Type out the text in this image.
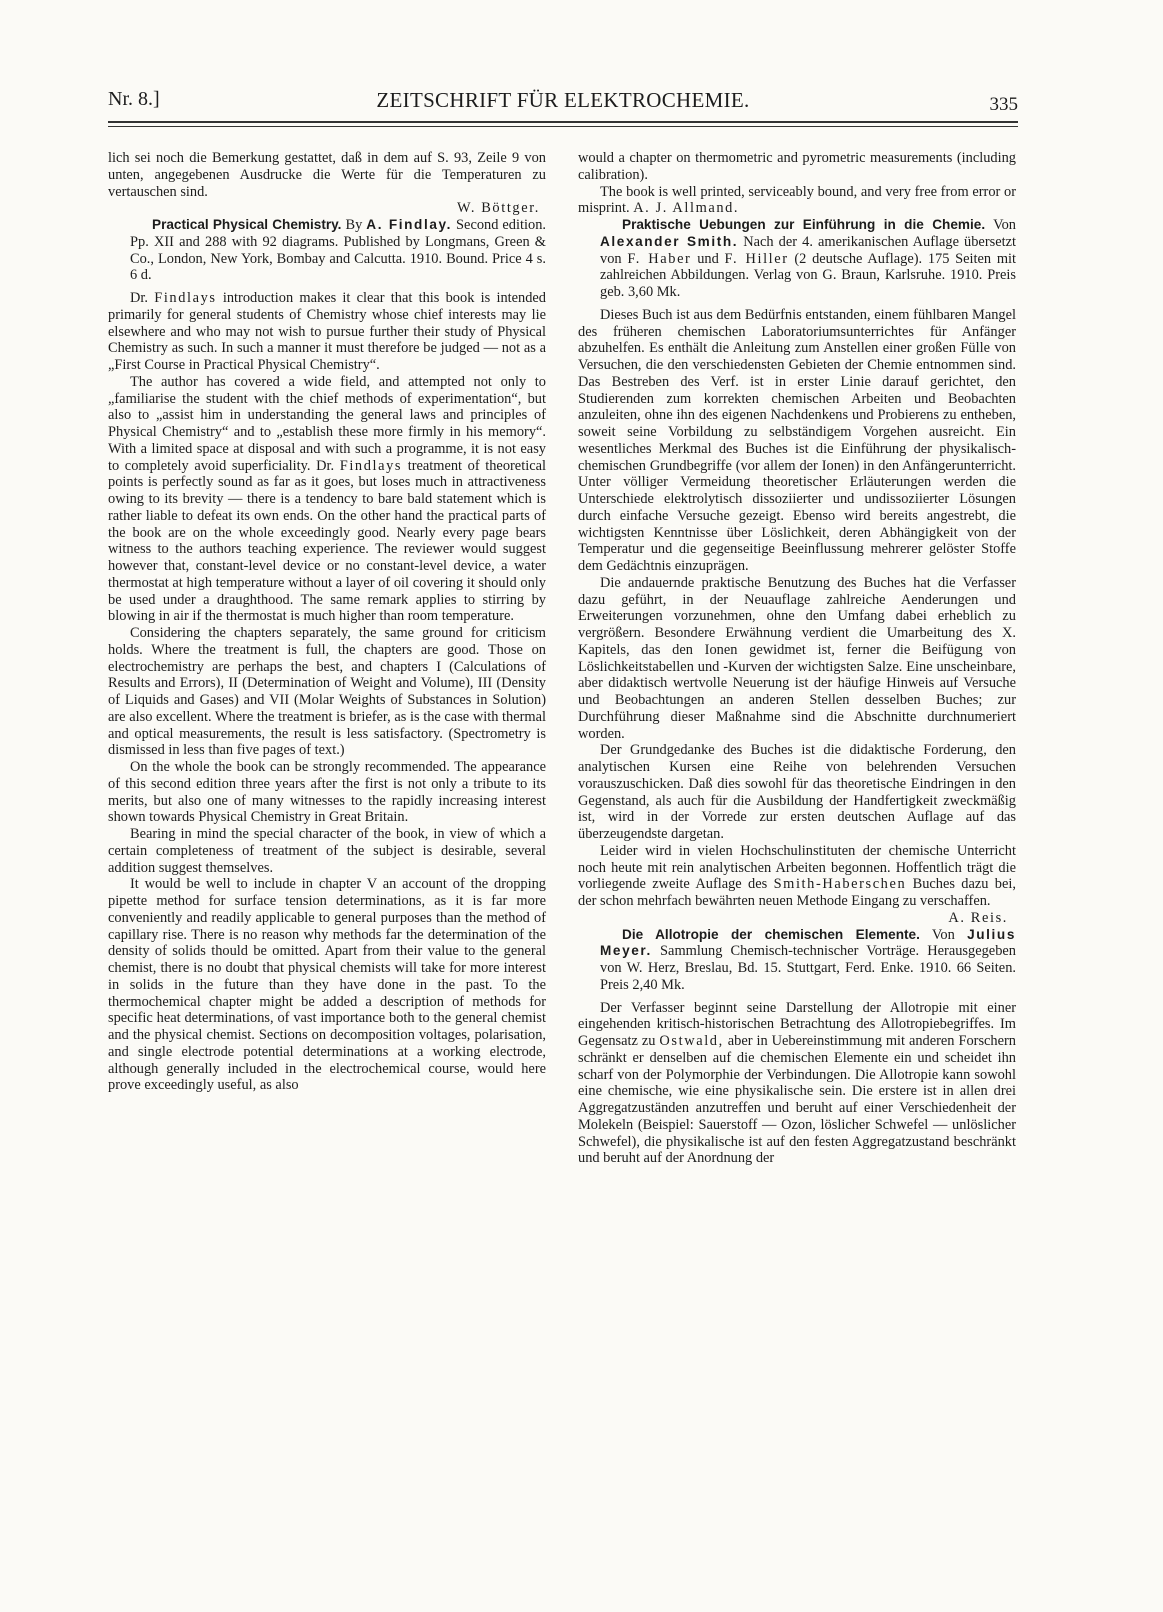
Nr. 8.]	ZEITSCHRIFT FÜR ELEKTROCHEMIE.	335

lich sei noch die Bemerkung gestattet, daß in dem auf S. 93, Zeile 9 von unten, angegebenen Ausdrucke die Werte für die Temperaturen zu vertauschen sind.

W. Böttger.

Practical Physical Chemistry. By A. Findlay. Second edition. Pp. XII and 288 with 92 diagrams. Published by Longmans, Green & Co., London, New York, Bombay and Calcutta. 1910. Bound. Price 4 s. 6 d.

Dr. Findlays introduction makes it clear that this book is intended primarily for general students of Chemistry whose chief interests may lie elsewhere and who may not wish to pursue further their study of Physical Chemistry as such. In such a manner it must therefore be judged — not as a „First Course in Practical Physical Chemistry“.

The author has covered a wide field, and attempted not only to „familiarise the student with the chief methods of experimentation“, but also to „assist him in understanding the general laws and principles of Physical Chemistry“ and to „establish these more firmly in his memory“. With a limited space at disposal and with such a programme, it is not easy to completely avoid superficiality. Dr. Findlays treatment of theoretical points is perfectly sound as far as it goes, but loses much in attractiveness owing to its brevity — there is a tendency to bare bald statement which is rather liable to defeat its own ends. On the other hand the practical parts of the book are on the whole exceedingly good. Nearly every page bears witness to the authors teaching experience. The reviewer would suggest however that, constant-level device or no constant-level device, a water thermostat at high temperature without a layer of oil covering it should only be used under a draughthood. The same remark applies to stirring by blowing in air if the thermostat is much higher than room temperature.

Considering the chapters separately, the same ground for criticism holds. Where the treatment is full, the chapters are good. Those on electrochemistry are perhaps the best, and chapters I (Calculations of Results and Errors), II (Determination of Weight and Volume), III (Density of Liquids and Gases) and VII (Molar Weights of Substances in Solution) are also excellent. Where the treatment is briefer, as is the case with thermal and optical measurements, the result is less satisfactory. (Spectrometry is dismissed in less than five pages of text.)

On the whole the book can be strongly recommended. The appearance of this second edition three years after the first is not only a tribute to its merits, but also one of many witnesses to the rapidly increasing interest shown towards Physical Chemistry in Great Britain.

Bearing in mind the special character of the book, in view of which a certain completeness of treatment of the subject is desirable, several addition suggest themselves.

It would be well to include in chapter V an account of the dropping pipette method for surface tension determinations, as it is far more conveniently and readily applicable to general purposes than the method of capillary rise. There is no reason why methods far the determination of the density of solids thould be omitted. Apart from their value to the general chemist, there is no doubt that physical chemists will take for more interest in solids in the future than they have done in the past. To the thermochemical chapter might be added a description of methods for specific heat determinations, of vast importance both to the general chemist and the physical chemist. Sections on decomposition voltages, polarisation, and single electrode potential determinations at a working electrode, although generally included in the electrochemical course, would here prove exceedingly useful, as also

would a chapter on thermometric and pyrometric measurements (including calibration).

The book is well printed, serviceably bound, and very free from error or misprint. A. J. Allmand.

Praktische Uebungen zur Einführung in die Chemie. Von Alexander Smith. Nach der 4. amerikanischen Auflage übersetzt von F. Haber und F. Hiller (2 deutsche Auflage). 175 Seiten mit zahlreichen Abbildungen. Verlag von G. Braun, Karlsruhe. 1910. Preis geb. 3,60 Mk.

Dieses Buch ist aus dem Bedürfnis entstanden, einem fühlbaren Mangel des früheren chemischen Laboratoriumsunterrichtes für Anfänger abzuhelfen. Es enthält die Anleitung zum Anstellen einer großen Fülle von Versuchen, die den verschiedensten Gebieten der Chemie entnommen sind. Das Bestreben des Verf. ist in erster Linie darauf gerichtet, den Studierenden zum korrekten chemischen Arbeiten und Beobachten anzuleiten, ohne ihn des eigenen Nachdenkens und Probierens zu entheben, soweit seine Vorbildung zu selbständigem Vorgehen ausreicht. Ein wesentliches Merkmal des Buches ist die Einführung der physikalisch-chemischen Grundbegriffe (vor allem der Ionen) in den Anfängerunterricht. Unter völliger Vermeidung theoretischer Erläuterungen werden die Unterschiede elektrolytisch dissoziierter und undissoziierter Lösungen durch einfache Versuche gezeigt. Ebenso wird bereits angestrebt, die wichtigsten Kenntnisse über Löslichkeit, deren Abhängigkeit von der Temperatur und die gegenseitige Beeinflussung mehrerer gelöster Stoffe dem Gedächtnis einzuprägen.

Die andauernde praktische Benutzung des Buches hat die Verfasser dazu geführt, in der Neuauflage zahlreiche Aenderungen und Erweiterungen vorzunehmen, ohne den Umfang dabei erheblich zu vergrößern. Besondere Erwähnung verdient die Umarbeitung des X. Kapitels, das den Ionen gewidmet ist, ferner die Beifügung von Löslichkeitstabellen und -Kurven der wichtigsten Salze. Eine unscheinbare, aber didaktisch wertvolle Neuerung ist der häufige Hinweis auf Versuche und Beobachtungen an anderen Stellen desselben Buches; zur Durchführung dieser Maßnahme sind die Abschnitte durchnumeriert worden.

Der Grundgedanke des Buches ist die didaktische Forderung, den analytischen Kursen eine Reihe von belehrenden Versuchen vorauszuschicken. Daß dies sowohl für das theoretische Eindringen in den Gegenstand, als auch für die Ausbildung der Handfertigkeit zweckmäßig ist, wird in der Vorrede zur ersten deutschen Auflage auf das überzeugendste dargetan.

Leider wird in vielen Hochschulinstituten der chemische Unterricht noch heute mit rein analytischen Arbeiten begonnen. Hoffentlich trägt die vorliegende zweite Auflage des Smith-Haberschen Buches dazu bei, der schon mehrfach bewährten neuen Methode Eingang zu verschaffen.
A. Reis.

Die Allotropie der chemischen Elemente. Von Julius Meyer. Sammlung Chemisch-technischer Vorträge. Herausgegeben von W. Herz, Breslau, Bd. 15. Stuttgart, Ferd. Enke. 1910. 66 Seiten. Preis 2,40 Mk.

Der Verfasser beginnt seine Darstellung der Allotropie mit einer eingehenden kritisch-historischen Betrachtung des Allotropiebegriffes. Im Gegensatz zu Ostwald, aber in Uebereinstimmung mit anderen Forschern schränkt er denselben auf die chemischen Elemente ein und scheidet ihn scharf von der Polymorphie der Verbindungen. Die Allotropie kann sowohl eine chemische, wie eine physikalische sein. Die erstere ist in allen drei Aggregatzuständen anzutreffen und beruht auf einer Verschiedenheit der Molekeln (Beispiel: Sauerstoff — Ozon, löslicher Schwefel — unlöslicher Schwefel), die physikalische ist auf den festen Aggregatzustand beschränkt und beruht auf der Anordnung der
